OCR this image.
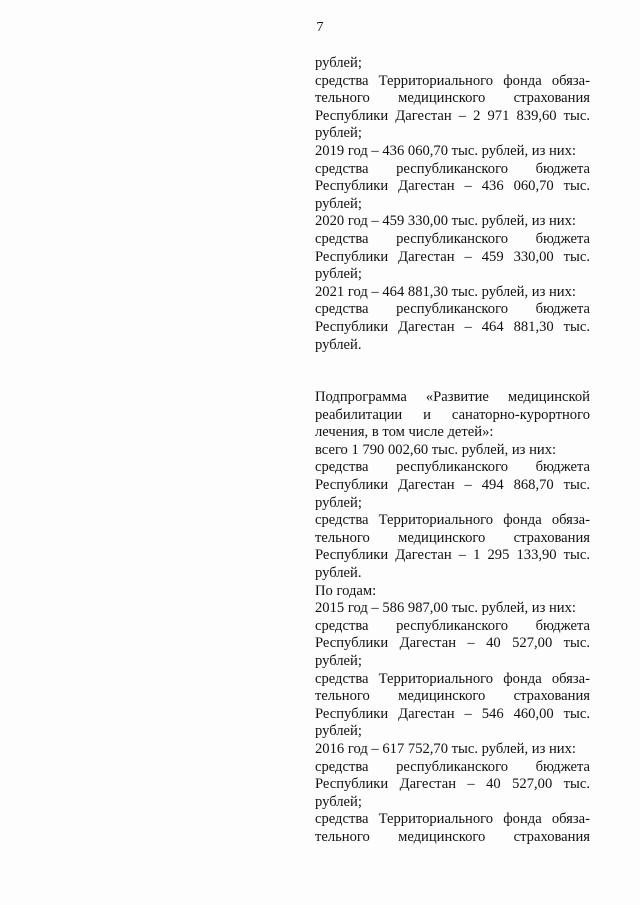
7
рублей;
средства Территориального фонда обяза-
тельного медицинского страхования
Республики Дагестан – 2 971 839,60 тыс.
рублей;
2019 год – 436 060,70 тыс. рублей, из них:
средства республиканского бюджета
Республики Дагестан – 436 060,70 тыс.
рублей;
2020 год – 459 330,00 тыс. рублей, из них:
средства республиканского бюджета
Республики Дагестан – 459 330,00 тыс.
рублей;
2021 год – 464 881,30 тыс. рублей, из них:
средства республиканского бюджета
Республики Дагестан – 464 881,30 тыс.
рублей.
Подпрограмма «Развитие медицинской
реабилитации и санаторно-курортного
лечения, в том числе детей»:
всего 1 790 002,60 тыс. рублей, из них:
средства республиканского бюджета
Республики Дагестан – 494 868,70 тыс.
рублей;
средства Территориального фонда обяза-
тельного медицинского страхования
Республики Дагестан – 1 295 133,90 тыс.
рублей.
По годам:
2015 год – 586 987,00 тыс. рублей, из них:
средства республиканского бюджета
Республики Дагестан – 40 527,00 тыс.
рублей;
средства Территориального фонда обяза-
тельного медицинского страхования
Республики Дагестан – 546 460,00 тыс.
рублей;
2016 год – 617 752,70 тыс. рублей, из них:
средства республиканского бюджета
Республики Дагестан – 40 527,00 тыс.
рублей;
средства Территориального фонда обяза-
тельного медицинского страхования
